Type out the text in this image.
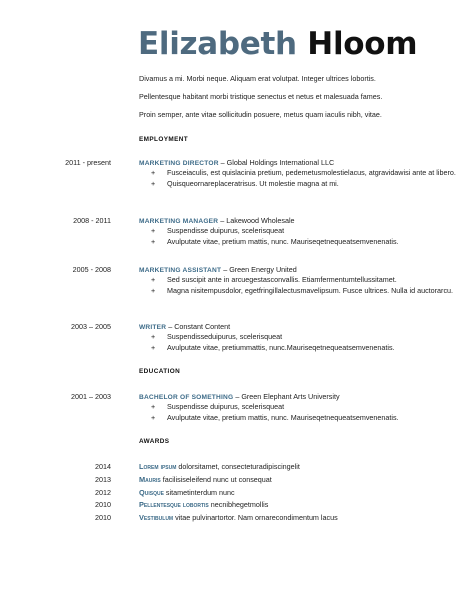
Elizabeth Hloom

Divamus a mi. Morbi neque. Aliquam erat volutpat. Integer ultrices lobortis.

Pellentesque habitant morbi tristique senectus et netus et malesuada fames.

Proin semper, ante vitae sollicitudin posuere, metus quam iaculis nibh, vitae.

EMPLOYMENT
2011 - present	MARKETING DIRECTOR – Global Holdings International LLC
+ Fusceiaculis, est quislacinia pretium, pedemetusmolestielacus, atgravidawisi ante at libero.
+ Quisqueornareplaceratrisus. Ut molestie magna at mi.
2008 - 2011	MARKETING MANAGER – Lakewood Wholesale
+ Suspendisse duipurus, scelerisqueat
+ Avulputate vitae, pretium mattis, nunc. Mauriseqetnequeatsemvenenatis.
2005 - 2008	MARKETING ASSISTANT – Green Energy United
+ Sed suscipit ante in arcuegestasconvallis. Etiamfermentumtellussitamet.
+ Magna nisitempusdolor, egetfringillalectusmavelipsum. Fusce ultrices. Nulla id auctorarcu.
2003 – 2005	WRITER – Constant Content
+ Suspendisseduipurus, scelerisqueat
+ Avulputate vitae, pretiummattis, nunc.Mauriseqetnequeatsemvenenatis.
EDUCATION
2001 – 2003	BACHELOR OF SOMETHING – Green Elephant Arts University
+ Suspendisse duipurus, scelerisqueat
+ Avulputate vitae, pretium mattis, nunc. Mauriseqetnequeatsemvenenatis.
AWARDS
2014	Lorem ipsum dolorsitamet, consecteturadipiscingelit
2013	Mauris facilisiseleifend nunc ut consequat
2012	Quisque sitametinterdum nunc
2010	Pellentesque lobortis necnibhegetmollis
2010	Vestibulum vitae pulvinartortor. Nam ornarecondimentum lacus
